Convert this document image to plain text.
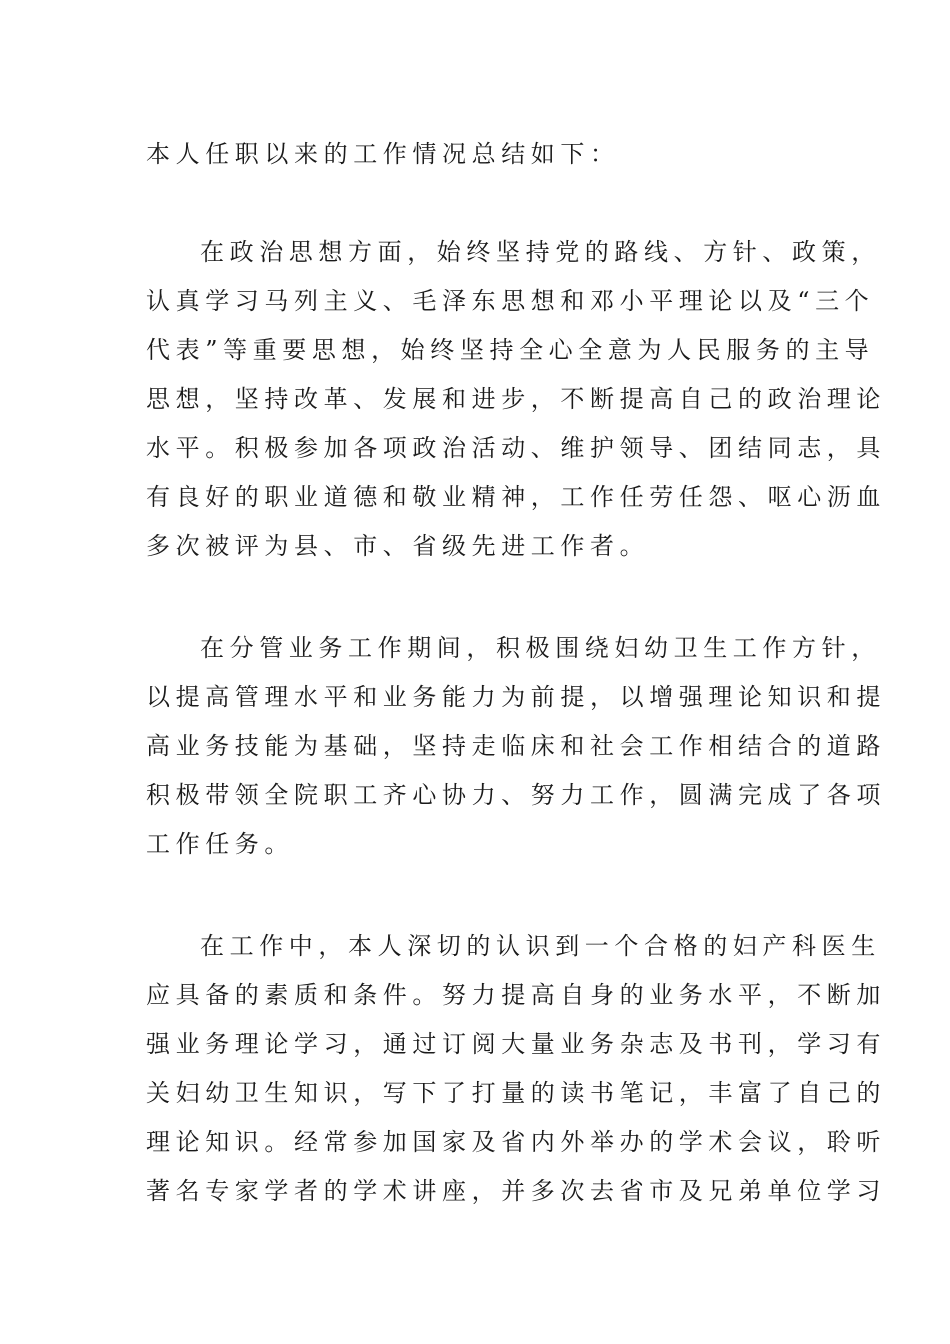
本人任职以来的工作情况总结如下：
在政治思想方面，始终坚持党的路线、方针、政策，
认真学习马列主义、毛泽东思想和邓小平理论以及“三个
代表”等重要思想，始终坚持全心全意为人民服务的主导
思想，坚持改革、发展和进步，不断提高自己的政治理论
水平。积极参加各项政治活动、维护领导、团结同志，具
有良好的职业道德和敬业精神，工作任劳任怨、呕心沥血
多次被评为县、市、省级先进工作者。
在分管业务工作期间，积极围绕妇幼卫生工作方针，
以提高管理水平和业务能力为前提，以增强理论知识和提
高业务技能为基础，坚持走临床和社会工作相结合的道路
积极带领全院职工齐心协力、努力工作，圆满完成了各项
工作任务。
在工作中，本人深切的认识到一个合格的妇产科医生
应具备的素质和条件。努力提高自身的业务水平，不断加
强业务理论学习，通过订阅大量业务杂志及书刊，学习有
关妇幼卫生知识，写下了打量的读书笔记，丰富了自己的
理论知识。经常参加国家及省内外举办的学术会议，聆听
著名专家学者的学术讲座，并多次去省市及兄弟单位学习
